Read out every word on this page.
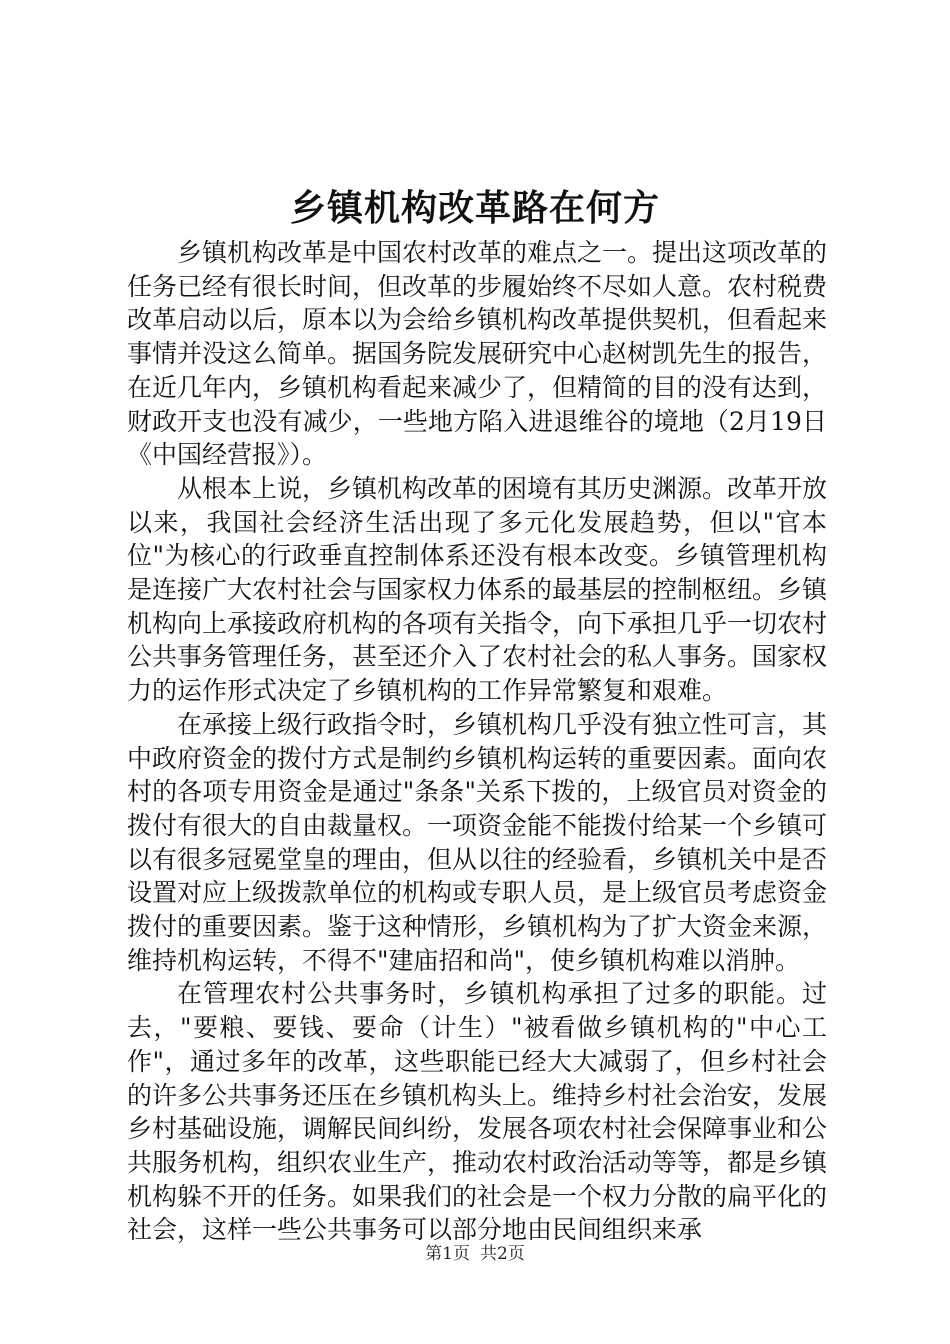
乡镇机构改革路在何方

乡镇机构改革是中国农村改革的难点之一。提出这项改革的任务已经有很长时间，但改革的步履始终不尽如人意。农村税费改革启动以后，原本以为会给乡镇机构改革提供契机，但看起来事情并没这么简单。据国务院发展研究中心赵树凯先生的报告，在近几年内，乡镇机构看起来减少了，但精简的目的没有达到，财政开支也没有减少，一些地方陷入进退维谷的境地（2月19日《中国经营报》）。

从根本上说，乡镇机构改革的困境有其历史渊源。改革开放以来，我国社会经济生活出现了多元化发展趋势，但以"官本位"为核心的行政垂直控制体系还没有根本改变。乡镇管理机构是连接广大农村社会与国家权力体系的最基层的控制枢纽。乡镇机构向上承接政府机构的各项有关指令，向下承担几乎一切农村公共事务管理任务，甚至还介入了农村社会的私人事务。国家权力的运作形式决定了乡镇机构的工作异常繁复和艰难。

在承接上级行政指令时，乡镇机构几乎没有独立性可言，其中政府资金的拨付方式是制约乡镇机构运转的重要因素。面向农村的各项专用资金是通过"条条"关系下拨的，上级官员对资金的拨付有很大的自由裁量权。一项资金能不能拨付给某一个乡镇可以有很多冠冕堂皇的理由，但从以往的经验看，乡镇机关中是否设置对应上级拨款单位的机构或专职人员，是上级官员考虑资金拨付的重要因素。鉴于这种情形，乡镇机构为了扩大资金来源，维持机构运转，不得不"建庙招和尚"，使乡镇机构难以消肿。

在管理农村公共事务时，乡镇机构承担了过多的职能。过去，"要粮、要钱、要命（计生）"被看做乡镇机构的"中心工作"，通过多年的改革，这些职能已经大大减弱了，但乡村社会的许多公共事务还压在乡镇机构头上。维持乡村社会治安，发展乡村基础设施，调解民间纠纷，发展各项农村社会保障事业和公共服务机构，组织农业生产，推动农村政治活动等等，都是乡镇机构躲不开的任务。如果我们的社会是一个权力分散的扁平化的社会，这样一些公共事务可以部分地由民间组织来承

第1页 共2页
